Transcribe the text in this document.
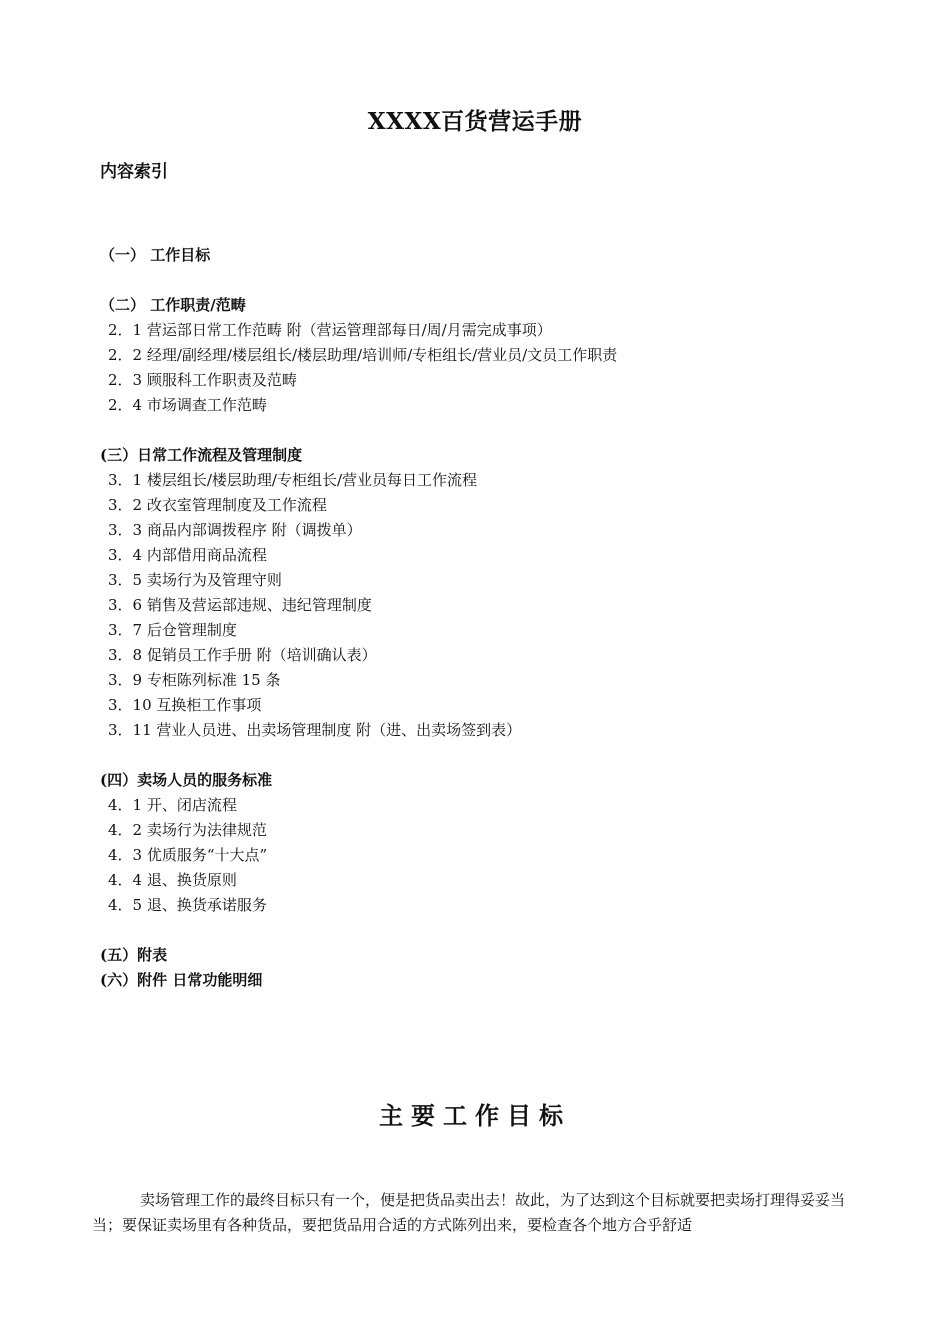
XXXX百货营运手册
内容索引
（一） 工作目标
（二） 工作职责/范畴
2．1 营运部日常工作范畴 附（营运管理部每日/周/月需完成事项）
2．2 经理/副经理/楼层组长/楼层助理/培训师/专柜组长/营业员/文员工作职责
2．3 顾服科工作职责及范畴
2．4 市场调查工作范畴
(三）日常工作流程及管理制度
3．1 楼层组长/楼层助理/专柜组长/营业员每日工作流程
3．2 改衣室管理制度及工作流程
3．3 商品内部调拨程序 附（调拨单）
3．4 内部借用商品流程
3．5 卖场行为及管理守则
3．6 销售及营运部违规、违纪管理制度
3．7 后仓管理制度
3．8 促销员工作手册 附（培训确认表）
3．9 专柜陈列标准 15 条
3．10 互换柜工作事项
3．11 营业人员进、出卖场管理制度 附（进、出卖场签到表）
(四）卖场人员的服务标准
4．1 开、闭店流程
4．2 卖场行为法律规范
4．3 优质服务“十大点”
4．4 退、换货原则
4．5 退、换货承诺服务
(五）附表
(六）附件 日常功能明细
主要工作目标
卖场管理工作的最终目标只有一个，便是把货品卖出去！故此，为了达到这个目标就要把卖场打理得妥妥当当；要保证卖场里有各种货品，要把货品用合适的方式陈列出来，要检查各个地方合乎舒适
